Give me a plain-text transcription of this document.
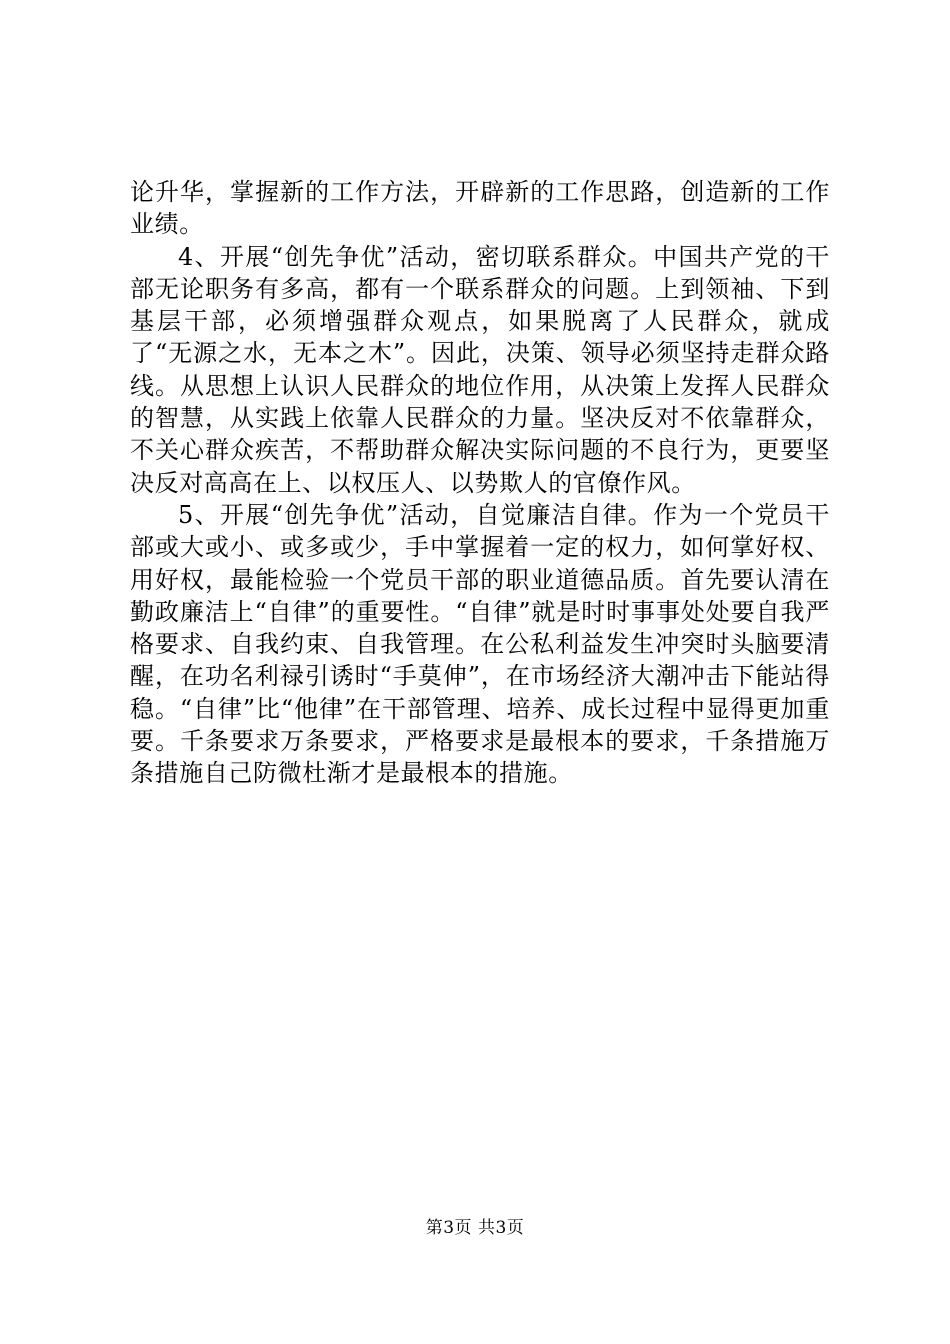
论升华，掌握新的工作方法，开辟新的工作思路，创造新的工作业绩。

4、开展“创先争优”活动，密切联系群众。中国共产党的干部无论职务有多高，都有一个联系群众的问题。上到领袖、下到基层干部，必须增强群众观点，如果脱离了人民群众，就成了“无源之水，无本之木”。因此，决策、领导必须坚持走群众路线。从思想上认识人民群众的地位作用，从决策上发挥人民群众的智慧，从实践上依靠人民群众的力量。坚决反对不依靠群众，不关心群众疾苦，不帮助群众解决实际问题的不良行为，更要坚决反对高高在上、以权压人、以势欺人的官僚作风。

5、开展“创先争优”活动，自觉廉洁自律。作为一个党员干部或大或小、或多或少，手中掌握着一定的权力，如何掌好权、用好权，最能检验一个党员干部的职业道德品质。首先要认清在勤政廉洁上“自律”的重要性。“自律”就是时时事事处处要自我严格要求、自我约束、自我管理。在公私利益发生冲突时头脑要清醒，在功名利禄引诱时“手莫伸”，在市场经济大潮冲击下能站得稳。“自律”比“他律”在干部管理、培养、成长过程中显得更加重要。千条要求万条要求，严格要求是最根本的要求，千条措施万条措施自己防微杜渐才是最根本的措施。

第3页 共3页
